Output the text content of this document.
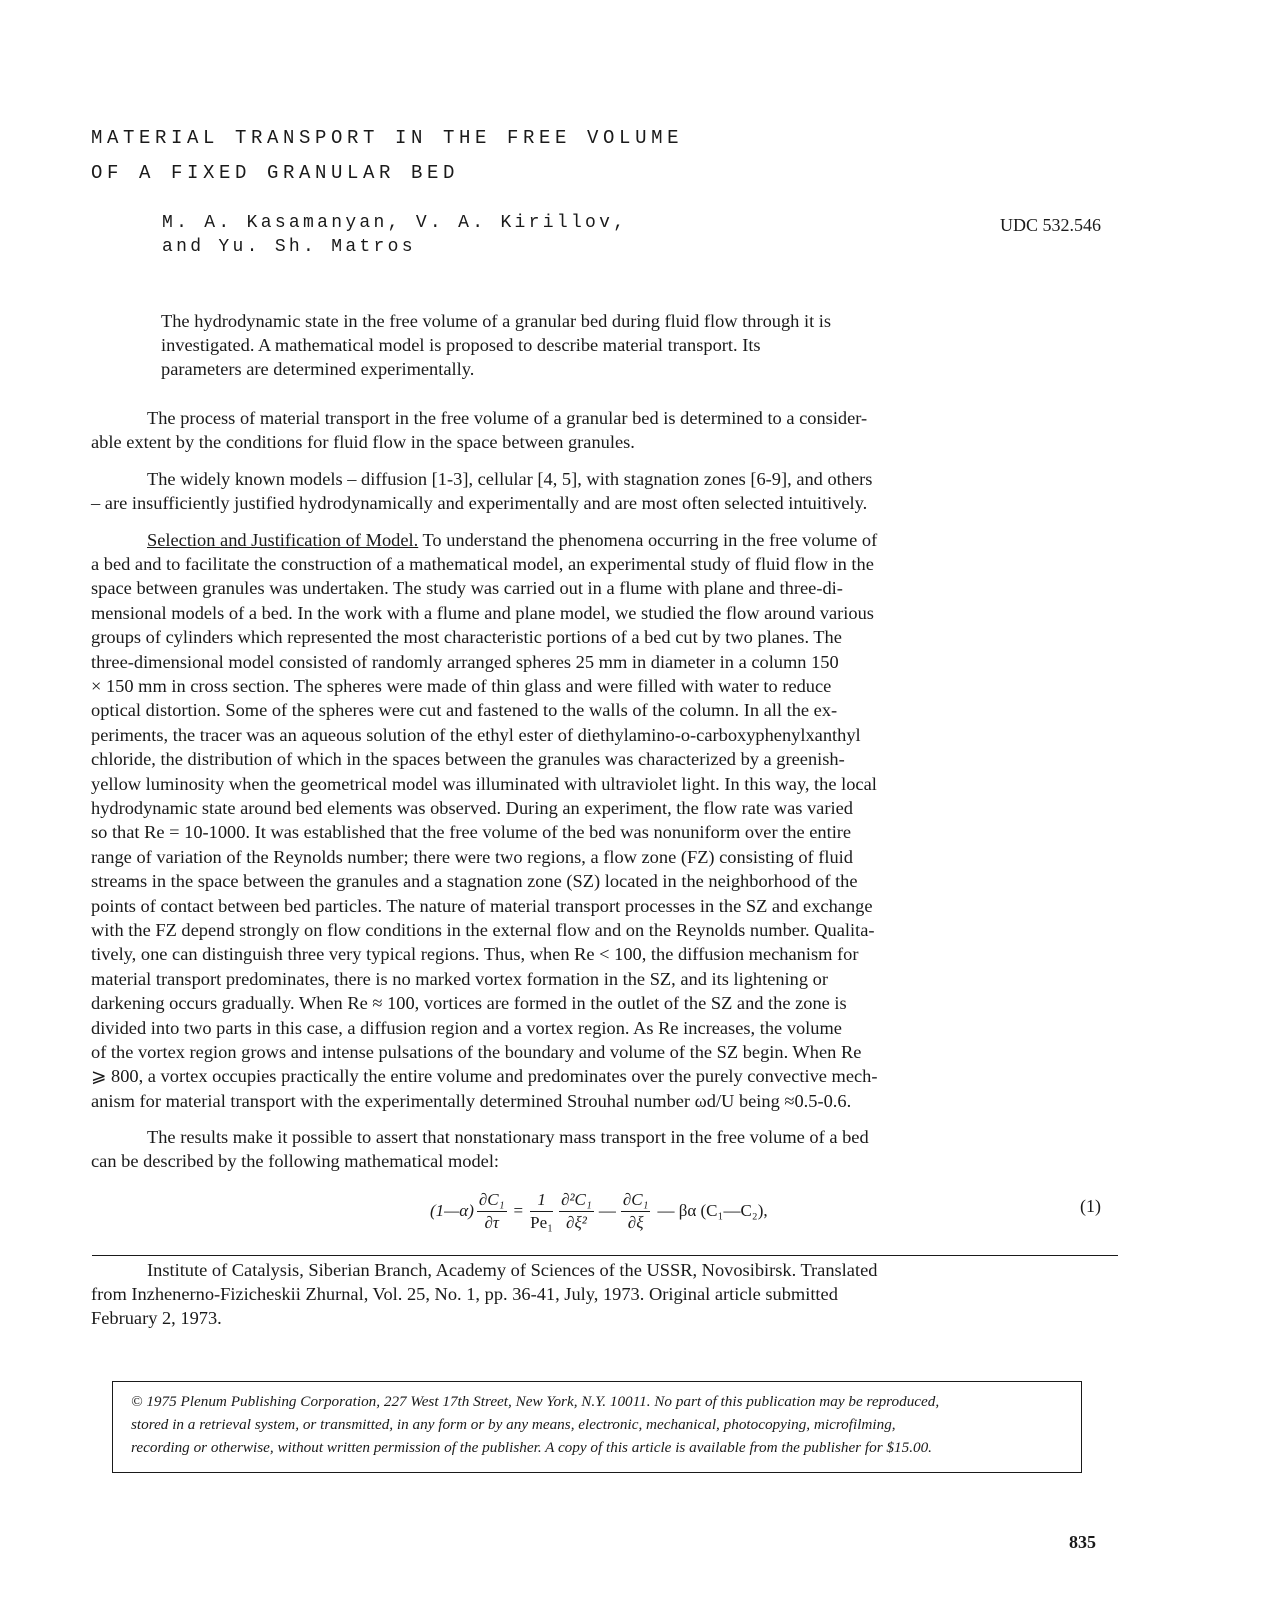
MATERIAL TRANSPORT IN THE FREE VOLUME
OF A FIXED GRANULAR BED
M. A. Kasamanyan, V. A. Kirillov,
and Yu. Sh. Matros
UDC 532.546
The hydrodynamic state in the free volume of a granular bed during fluid flow through it is
investigated. A mathematical model is proposed to describe material transport. Its
parameters are determined experimentally.
The process of material transport in the free volume of a granular bed is determined to a consider-
able extent by the conditions for fluid flow in the space between granules.
The widely known models – diffusion [1-3], cellular [4, 5], with stagnation zones [6-9], and others
– are insufficiently justified hydrodynamically and experimentally and are most often selected intuitively.
Selection and Justification of Model. To understand the phenomena occurring in the free volume of
a bed and to facilitate the construction of a mathematical model, an experimental study of fluid flow in the
space between granules was undertaken. The study was carried out in a flume with plane and three-di-
mensional models of a bed. In the work with a flume and plane model, we studied the flow around various
groups of cylinders which represented the most characteristic portions of a bed cut by two planes. The
three-dimensional model consisted of randomly arranged spheres 25 mm in diameter in a column 150
× 150 mm in cross section. The spheres were made of thin glass and were filled with water to reduce
optical distortion. Some of the spheres were cut and fastened to the walls of the column. In all the ex-
periments, the tracer was an aqueous solution of the ethyl ester of diethylamino-o-carboxyphenylxanthyl
chloride, the distribution of which in the spaces between the granules was characterized by a greenish-
yellow luminosity when the geometrical model was illuminated with ultraviolet light. In this way, the local
hydrodynamic state around bed elements was observed. During an experiment, the flow rate was varied
so that Re = 10-1000. It was established that the free volume of the bed was nonuniform over the entire
range of variation of the Reynolds number; there were two regions, a flow zone (FZ) consisting of fluid
streams in the space between the granules and a stagnation zone (SZ) located in the neighborhood of the
points of contact between bed particles. The nature of material transport processes in the SZ and exchange
with the FZ depend strongly on flow conditions in the external flow and on the Reynolds number. Qualita-
tively, one can distinguish three very typical regions. Thus, when Re < 100, the diffusion mechanism for
material transport predominates, there is no marked vortex formation in the SZ, and its lightening or
darkening occurs gradually. When Re ≈ 100, vortices are formed in the outlet of the SZ and the zone is
divided into two parts in this case, a diffusion region and a vortex region. As Re increases, the volume
of the vortex region grows and intense pulsations of the boundary and volume of the SZ begin. When Re
⩾ 800, a vortex occupies practically the entire volume and predominates over the purely convective mech-
anism for material transport with the experimentally determined Strouhal number ωd/U being ≈0.5-0.6.
The results make it possible to assert that nonstationary mass transport in the free volume of a bed
can be described by the following mathematical model:
(1—α) $\frac{\text{∂C₁}}{\partial\tau} = \frac{1}{\text{Pe₁}} \frac{\text{∂²C₁}}{\text{∂ξ²}}$ — $\frac{\text{∂C₁}}{\partial\xi}$ — βα (C₁—C₂),	(1)
Institute of Catalysis, Siberian Branch, Academy of Sciences of the USSR, Novosibirsk. Translated
from Inzhenerno-Fizicheskii Zhurnal, Vol. 25, No. 1, pp. 36-41, July, 1973. Original article submitted
February 2, 1973.
© 1975 Plenum Publishing Corporation, 227 West 17th Street, New York, N.Y. 10011. No part of this publication may be reproduced,
stored in a retrieval system, or transmitted, in any form or by any means, electronic, mechanical, photocopying, microfilming,
recording or otherwise, without written permission of the publisher. A copy of this article is available from the publisher for $15.00.
835
